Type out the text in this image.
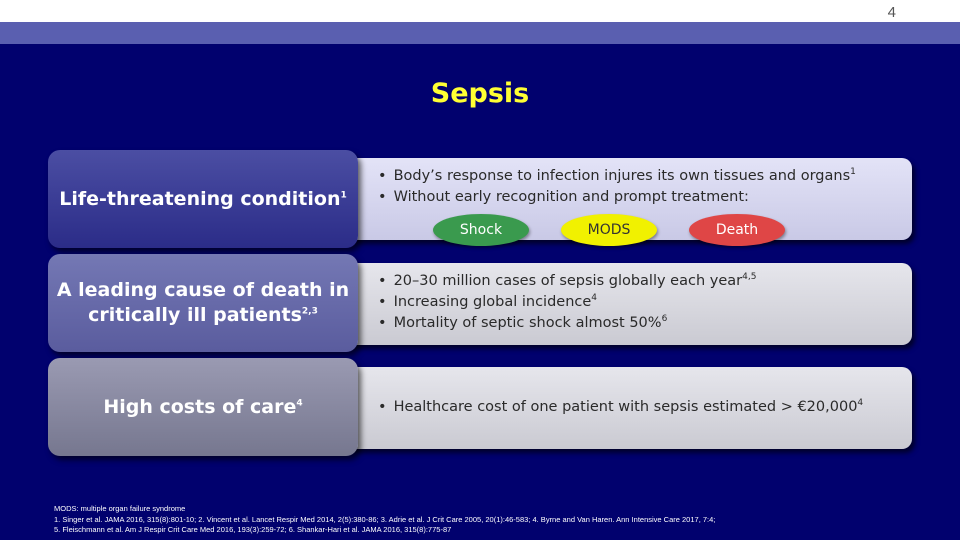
4
Sepsis
• Body’s response to infection injures its own tissues and organs$^1$
• Without early recognition and prompt treatment:
Life-threatening condition$^1$
Shock	MODS	Death
• 20–30 million cases of sepsis globally each year$^{4,5}$
• Increasing global incidence$^4$
• Mortality of septic shock almost 50%$^6$
A leading cause of death in
critically ill patients$^{2,3}$
• Healthcare cost of one patient with sepsis estimated > $€20,000^4$
High costs of care$^4$
MODS: multiple organ failure syndrome
1. Singer et al. JAMA 2016, 315(8):801-10; 2. Vincent et al. Lancet Respir Med 2014, 2(5):380-86; 3. Adrie et al. J Crit Care 2005, 20(1):46-583; 4. Byrne and Van Haren. Ann Intensive Care 2017, 7:4;
5. Fleischmann et al. Am J Respir Crit Care Med 2016, 193(3):259-72; 6. Shankar-Hari et al. JAMA 2016, 315(8):775-87
